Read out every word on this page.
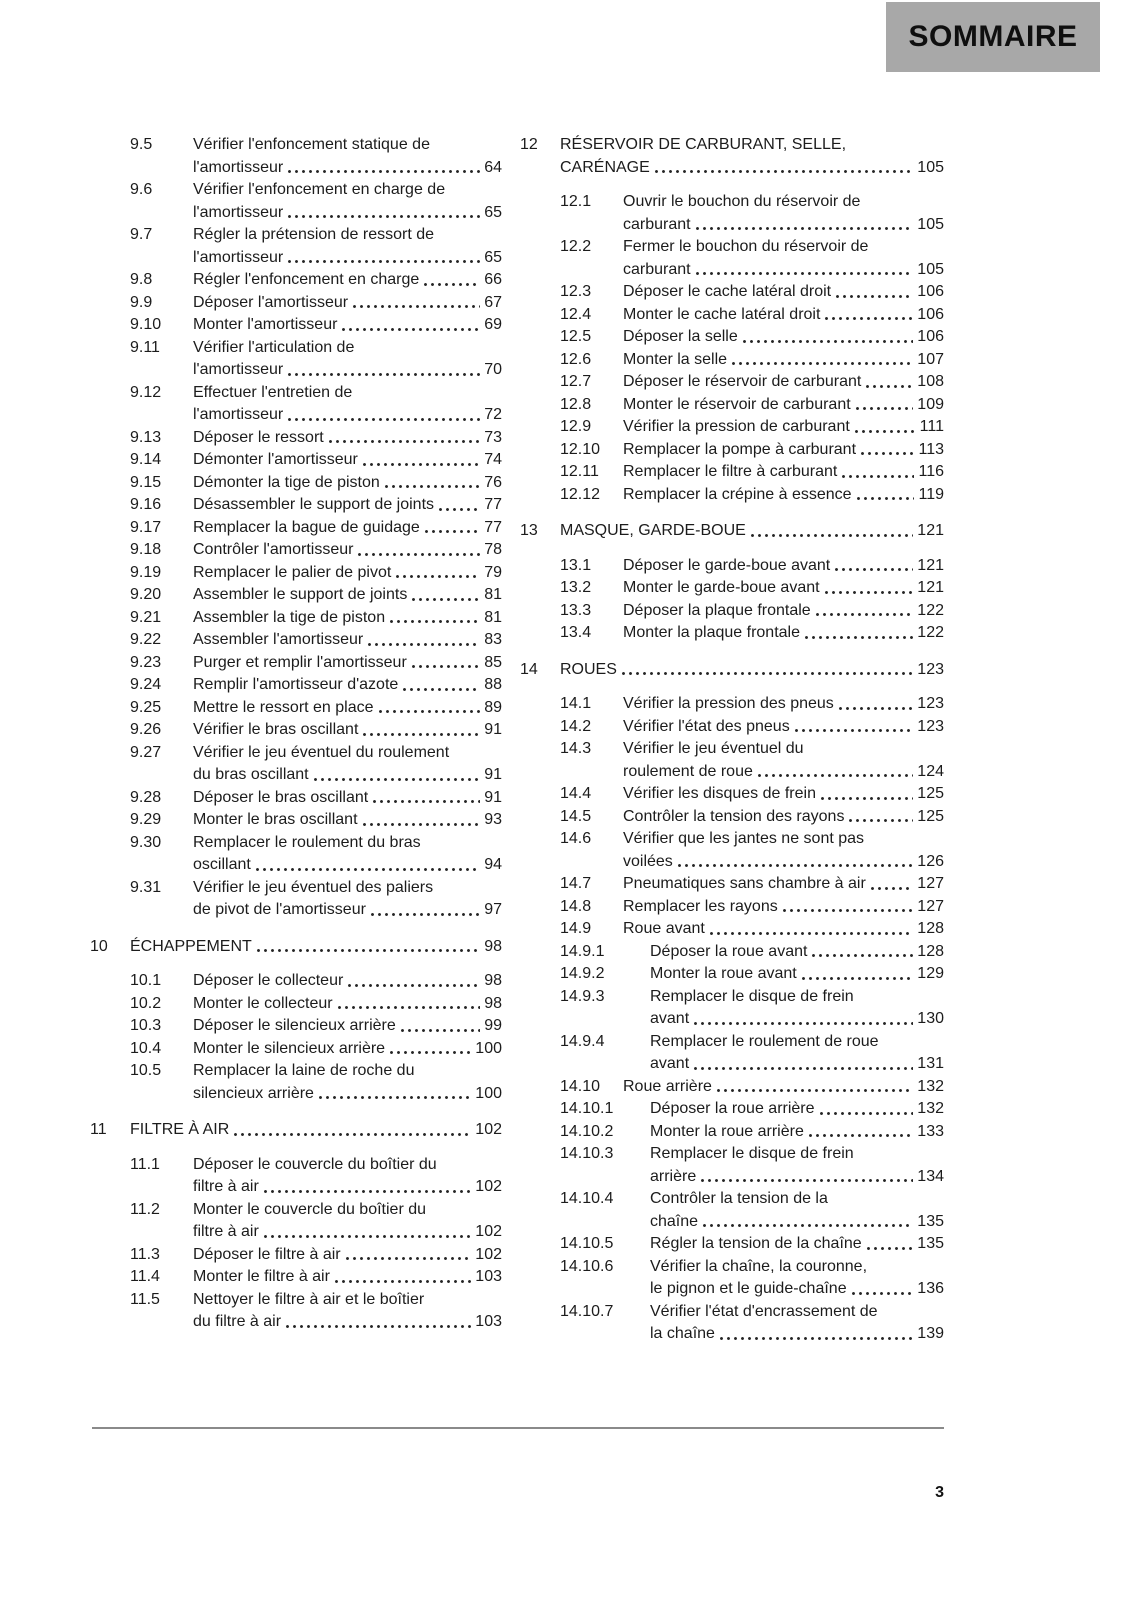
SOMMAIRE
9.5	Vérifier l'enfoncement statique de
l'amortisseur	64
9.6	Vérifier l'enfoncement en charge de
l'amortisseur	65
9.7	Régler la prétension de ressort de
l'amortisseur	65
9.8	Régler l'enfoncement en charge	66
9.9	Déposer l'amortisseur	67
9.10	Monter l'amortisseur	69
9.11	Vérifier l'articulation de
l'amortisseur	70
9.12	Effectuer l'entretien de
l'amortisseur	72
9.13	Déposer le ressort	73
9.14	Démonter l'amortisseur	74
9.15	Démonter la tige de piston	76
9.16	Désassembler le support de joints	77
9.17	Remplacer la bague de guidage	77
9.18	Contrôler l'amortisseur	78
9.19	Remplacer le palier de pivot	79
9.20	Assembler le support de joints	81
9.21	Assembler la tige de piston	81
9.22	Assembler l'amortisseur	83
9.23	Purger et remplir l'amortisseur	85
9.24	Remplir l'amortisseur d'azote	88
9.25	Mettre le ressort en place	89
9.26	Vérifier le bras oscillant	91
9.27	Vérifier le jeu éventuel du roulement
du bras oscillant	91
9.28	Déposer le bras oscillant	91
9.29	Monter le bras oscillant	93
9.30	Remplacer le roulement du bras
oscillant	94
9.31	Vérifier le jeu éventuel des paliers
de pivot de l'amortisseur	97
10	ÉCHAPPEMENT	98
10.1	Déposer le collecteur	98
10.2	Monter le collecteur	98
10.3	Déposer le silencieux arrière	99
10.4	Monter le silencieux arrière	100
10.5	Remplacer la laine de roche du
silencieux arrière	100
11	FILTRE À AIR	102
11.1	Déposer le couvercle du boîtier du
filtre à air	102
11.2	Monter le couvercle du boîtier du
filtre à air	102
11.3	Déposer le filtre à air	102
11.4	Monter le filtre à air	103
11.5	Nettoyer le filtre à air et le boîtier
du filtre à air	103
12	RÉSERVOIR DE CARBURANT, SELLE,
CARÉNAGE	105
12.1	Ouvrir le bouchon du réservoir de
carburant	105
12.2	Fermer le bouchon du réservoir de
carburant	105
12.3	Déposer le cache latéral droit	106
12.4	Monter le cache latéral droit	106
12.5	Déposer la selle	106
12.6	Monter la selle	107
12.7	Déposer le réservoir de carburant	108
12.8	Monter le réservoir de carburant	109
12.9	Vérifier la pression de carburant	111
12.10	Remplacer la pompe à carburant	113
12.11	Remplacer le filtre à carburant	116
12.12	Remplacer la crépine à essence	119
13	MASQUE, GARDE-BOUE	121
13.1	Déposer le garde-boue avant	121
13.2	Monter le garde-boue avant	121
13.3	Déposer la plaque frontale	122
13.4	Monter la plaque frontale	122
14	ROUES	123
14.1	Vérifier la pression des pneus	123
14.2	Vérifier l'état des pneus	123
14.3	Vérifier le jeu éventuel du
roulement de roue	124
14.4	Vérifier les disques de frein	125
14.5	Contrôler la tension des rayons	125
14.6	Vérifier que les jantes ne sont pas
voilées	126
14.7	Pneumatiques sans chambre à air	127
14.8	Remplacer les rayons	127
14.9	Roue avant	128
14.9.1	Déposer la roue avant	128
14.9.2	Monter la roue avant	129
14.9.3	Remplacer le disque de frein
avant	130
14.9.4	Remplacer le roulement de roue
avant	131
14.10	Roue arrière	132
14.10.1	Déposer la roue arrière	132
14.10.2	Monter la roue arrière	133
14.10.3	Remplacer le disque de frein
arrière	134
14.10.4	Contrôler la tension de la
chaîne	135
14.10.5	Régler la tension de la chaîne	135
14.10.6	Vérifier la chaîne, la couronne,
le pignon et le guide-chaîne	136
14.10.7	Vérifier l'état d'encrassement de
la chaîne	139
3
